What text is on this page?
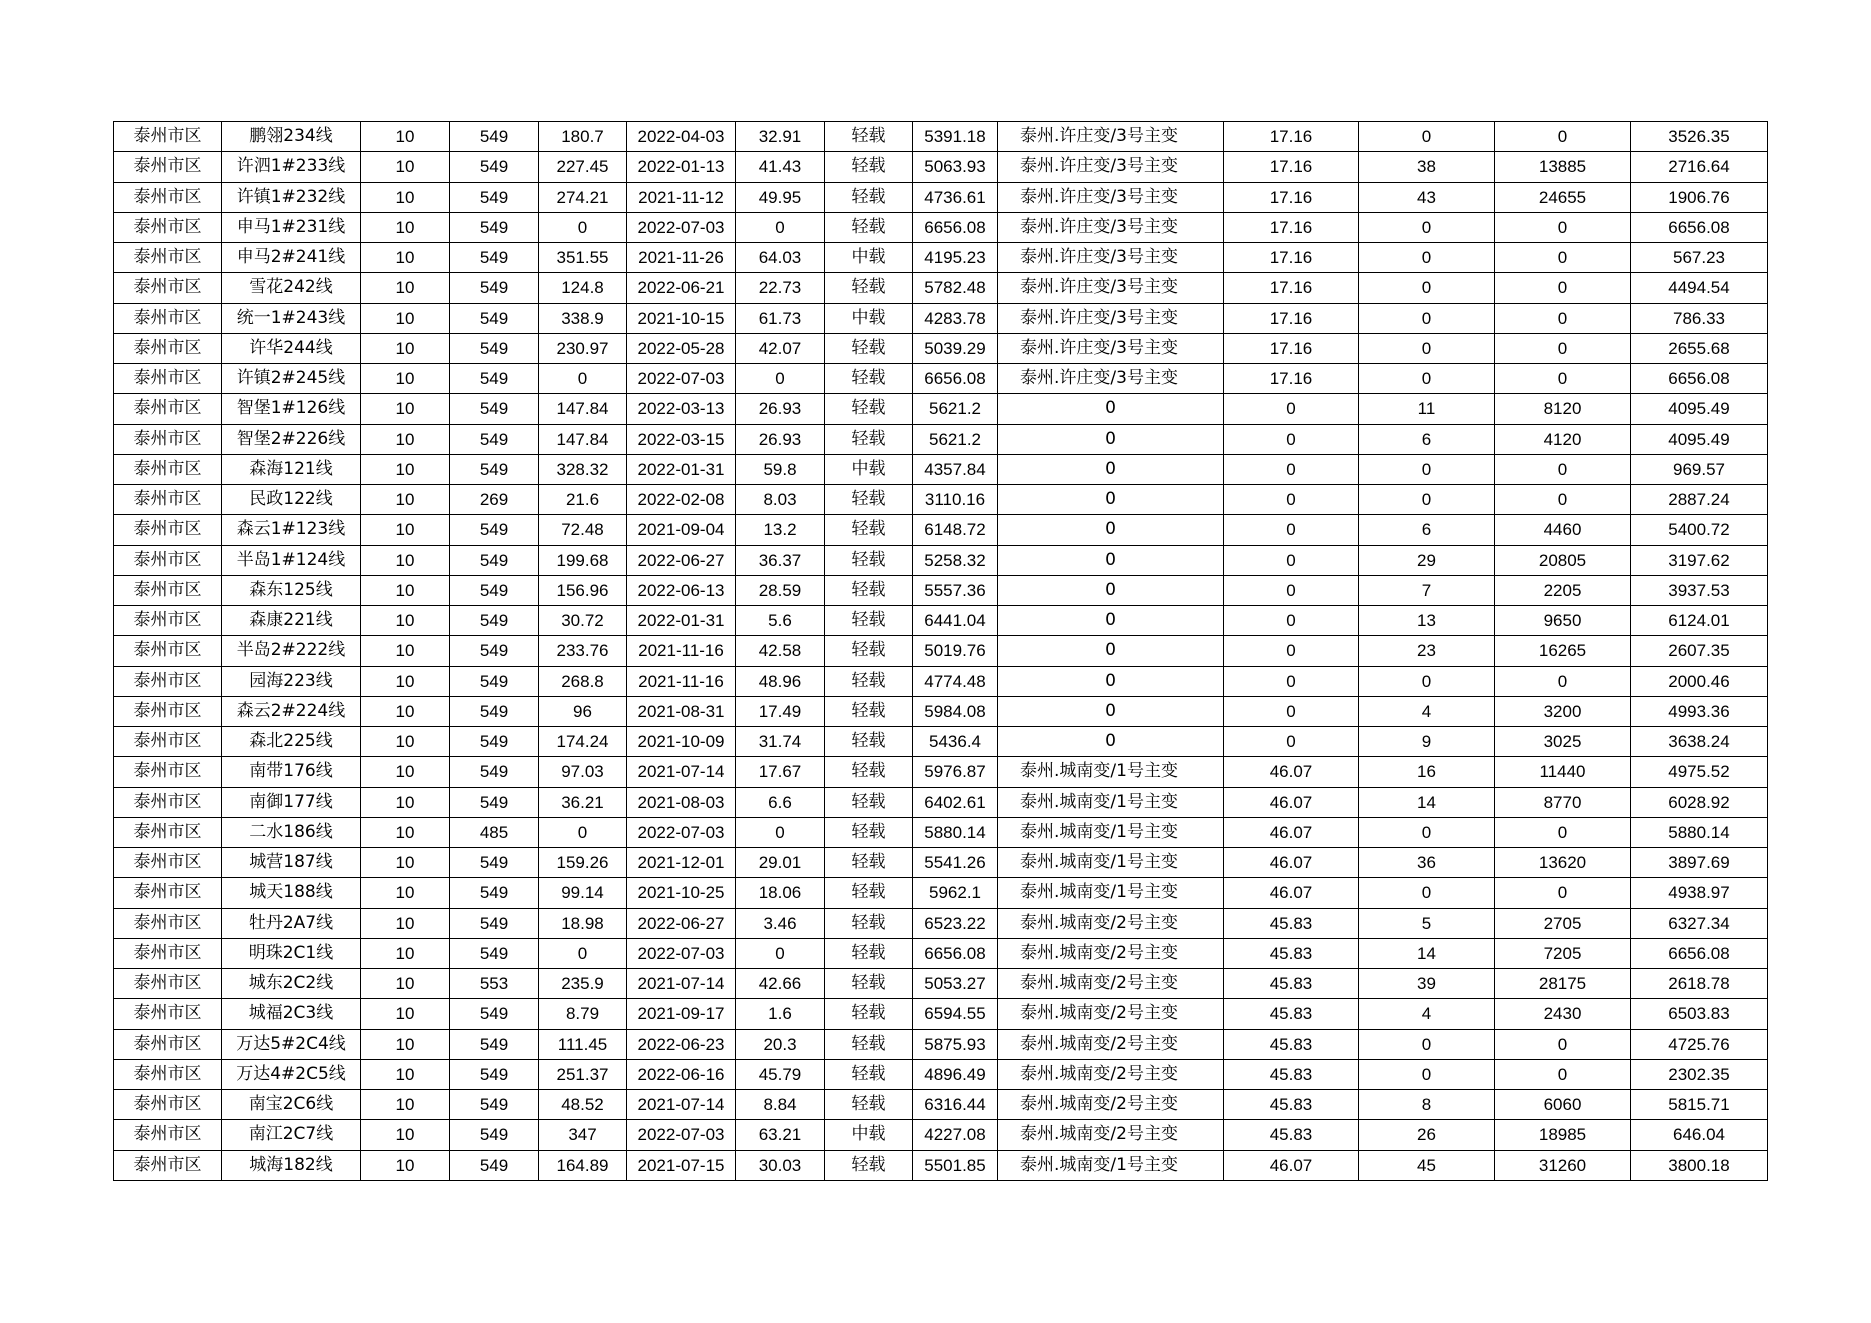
泰州市区	鹏翎234线	10	549	180.7	2022-04-03	32.91	轻载	5391.18	泰州.许庄变/3号主变	17.16	0	0	3526.35
泰州市区	许泗1#233线	10	549	227.45	2022-01-13	41.43	轻载	5063.93	泰州.许庄变/3号主变	17.16	38	13885	2716.64
泰州市区	许镇1#232线	10	549	274.21	2021-11-12	49.95	轻载	4736.61	泰州.许庄变/3号主变	17.16	43	24655	1906.76
泰州市区	申马1#231线	10	549	0	2022-07-03	0	轻载	6656.08	泰州.许庄变/3号主变	17.16	0	0	6656.08
泰州市区	申马2#241线	10	549	351.55	2021-11-26	64.03	中载	4195.23	泰州.许庄变/3号主变	17.16	0	0	567.23
泰州市区	雪花242线	10	549	124.8	2022-06-21	22.73	轻载	5782.48	泰州.许庄变/3号主变	17.16	0	0	4494.54
泰州市区	统一1#243线	10	549	338.9	2021-10-15	61.73	中载	4283.78	泰州.许庄变/3号主变	17.16	0	0	786.33
泰州市区	许华244线	10	549	230.97	2022-05-28	42.07	轻载	5039.29	泰州.许庄变/3号主变	17.16	0	0	2655.68
泰州市区	许镇2#245线	10	549	0	2022-07-03	0	轻载	6656.08	泰州.许庄变/3号主变	17.16	0	0	6656.08
泰州市区	智堡1#126线	10	549	147.84	2022-03-13	26.93	轻载	5621.2	0	0	11	8120	4095.49
泰州市区	智堡2#226线	10	549	147.84	2022-03-15	26.93	轻载	5621.2	0	0	6	4120	4095.49
泰州市区	森海121线	10	549	328.32	2022-01-31	59.8	中载	4357.84	0	0	0	0	969.57
泰州市区	民政122线	10	269	21.6	2022-02-08	8.03	轻载	3110.16	0	0	0	0	2887.24
泰州市区	森云1#123线	10	549	72.48	2021-09-04	13.2	轻载	6148.72	0	0	6	4460	5400.72
泰州市区	半岛1#124线	10	549	199.68	2022-06-27	36.37	轻载	5258.32	0	0	29	20805	3197.62
泰州市区	森东125线	10	549	156.96	2022-06-13	28.59	轻载	5557.36	0	0	7	2205	3937.53
泰州市区	森康221线	10	549	30.72	2022-01-31	5.6	轻载	6441.04	0	0	13	9650	6124.01
泰州市区	半岛2#222线	10	549	233.76	2021-11-16	42.58	轻载	5019.76	0	0	23	16265	2607.35
泰州市区	园海223线	10	549	268.8	2021-11-16	48.96	轻载	4774.48	0	0	0	0	2000.46
泰州市区	森云2#224线	10	549	96	2021-08-31	17.49	轻载	5984.08	0	0	4	3200	4993.36
泰州市区	森北225线	10	549	174.24	2021-10-09	31.74	轻载	5436.4	0	0	9	3025	3638.24
泰州市区	南带176线	10	549	97.03	2021-07-14	17.67	轻载	5976.87	泰州.城南变/1号主变	46.07	16	11440	4975.52
泰州市区	南御177线	10	549	36.21	2021-08-03	6.6	轻载	6402.61	泰州.城南变/1号主变	46.07	14	8770	6028.92
泰州市区	二水186线	10	485	0	2022-07-03	0	轻载	5880.14	泰州.城南变/1号主变	46.07	0	0	5880.14
泰州市区	城营187线	10	549	159.26	2021-12-01	29.01	轻载	5541.26	泰州.城南变/1号主变	46.07	36	13620	3897.69
泰州市区	城天188线	10	549	99.14	2021-10-25	18.06	轻载	5962.1	泰州.城南变/1号主变	46.07	0	0	4938.97
泰州市区	牡丹2A7线	10	549	18.98	2022-06-27	3.46	轻载	6523.22	泰州.城南变/2号主变	45.83	5	2705	6327.34
泰州市区	明珠2C1线	10	549	0	2022-07-03	0	轻载	6656.08	泰州.城南变/2号主变	45.83	14	7205	6656.08
泰州市区	城东2C2线	10	553	235.9	2021-07-14	42.66	轻载	5053.27	泰州.城南变/2号主变	45.83	39	28175	2618.78
泰州市区	城福2C3线	10	549	8.79	2021-09-17	1.6	轻载	6594.55	泰州.城南变/2号主变	45.83	4	2430	6503.83
泰州市区	万达5#2C4线	10	549	111.45	2022-06-23	20.3	轻载	5875.93	泰州.城南变/2号主变	45.83	0	0	4725.76
泰州市区	万达4#2C5线	10	549	251.37	2022-06-16	45.79	轻载	4896.49	泰州.城南变/2号主变	45.83	0	0	2302.35
泰州市区	南宝2C6线	10	549	48.52	2021-07-14	8.84	轻载	6316.44	泰州.城南变/2号主变	45.83	8	6060	5815.71
泰州市区	南江2C7线	10	549	347	2022-07-03	63.21	中载	4227.08	泰州.城南变/2号主变	45.83	26	18985	646.04
泰州市区	城海182线	10	549	164.89	2021-07-15	30.03	轻载	5501.85	泰州.城南变/1号主变	46.07	45	31260	3800.18
